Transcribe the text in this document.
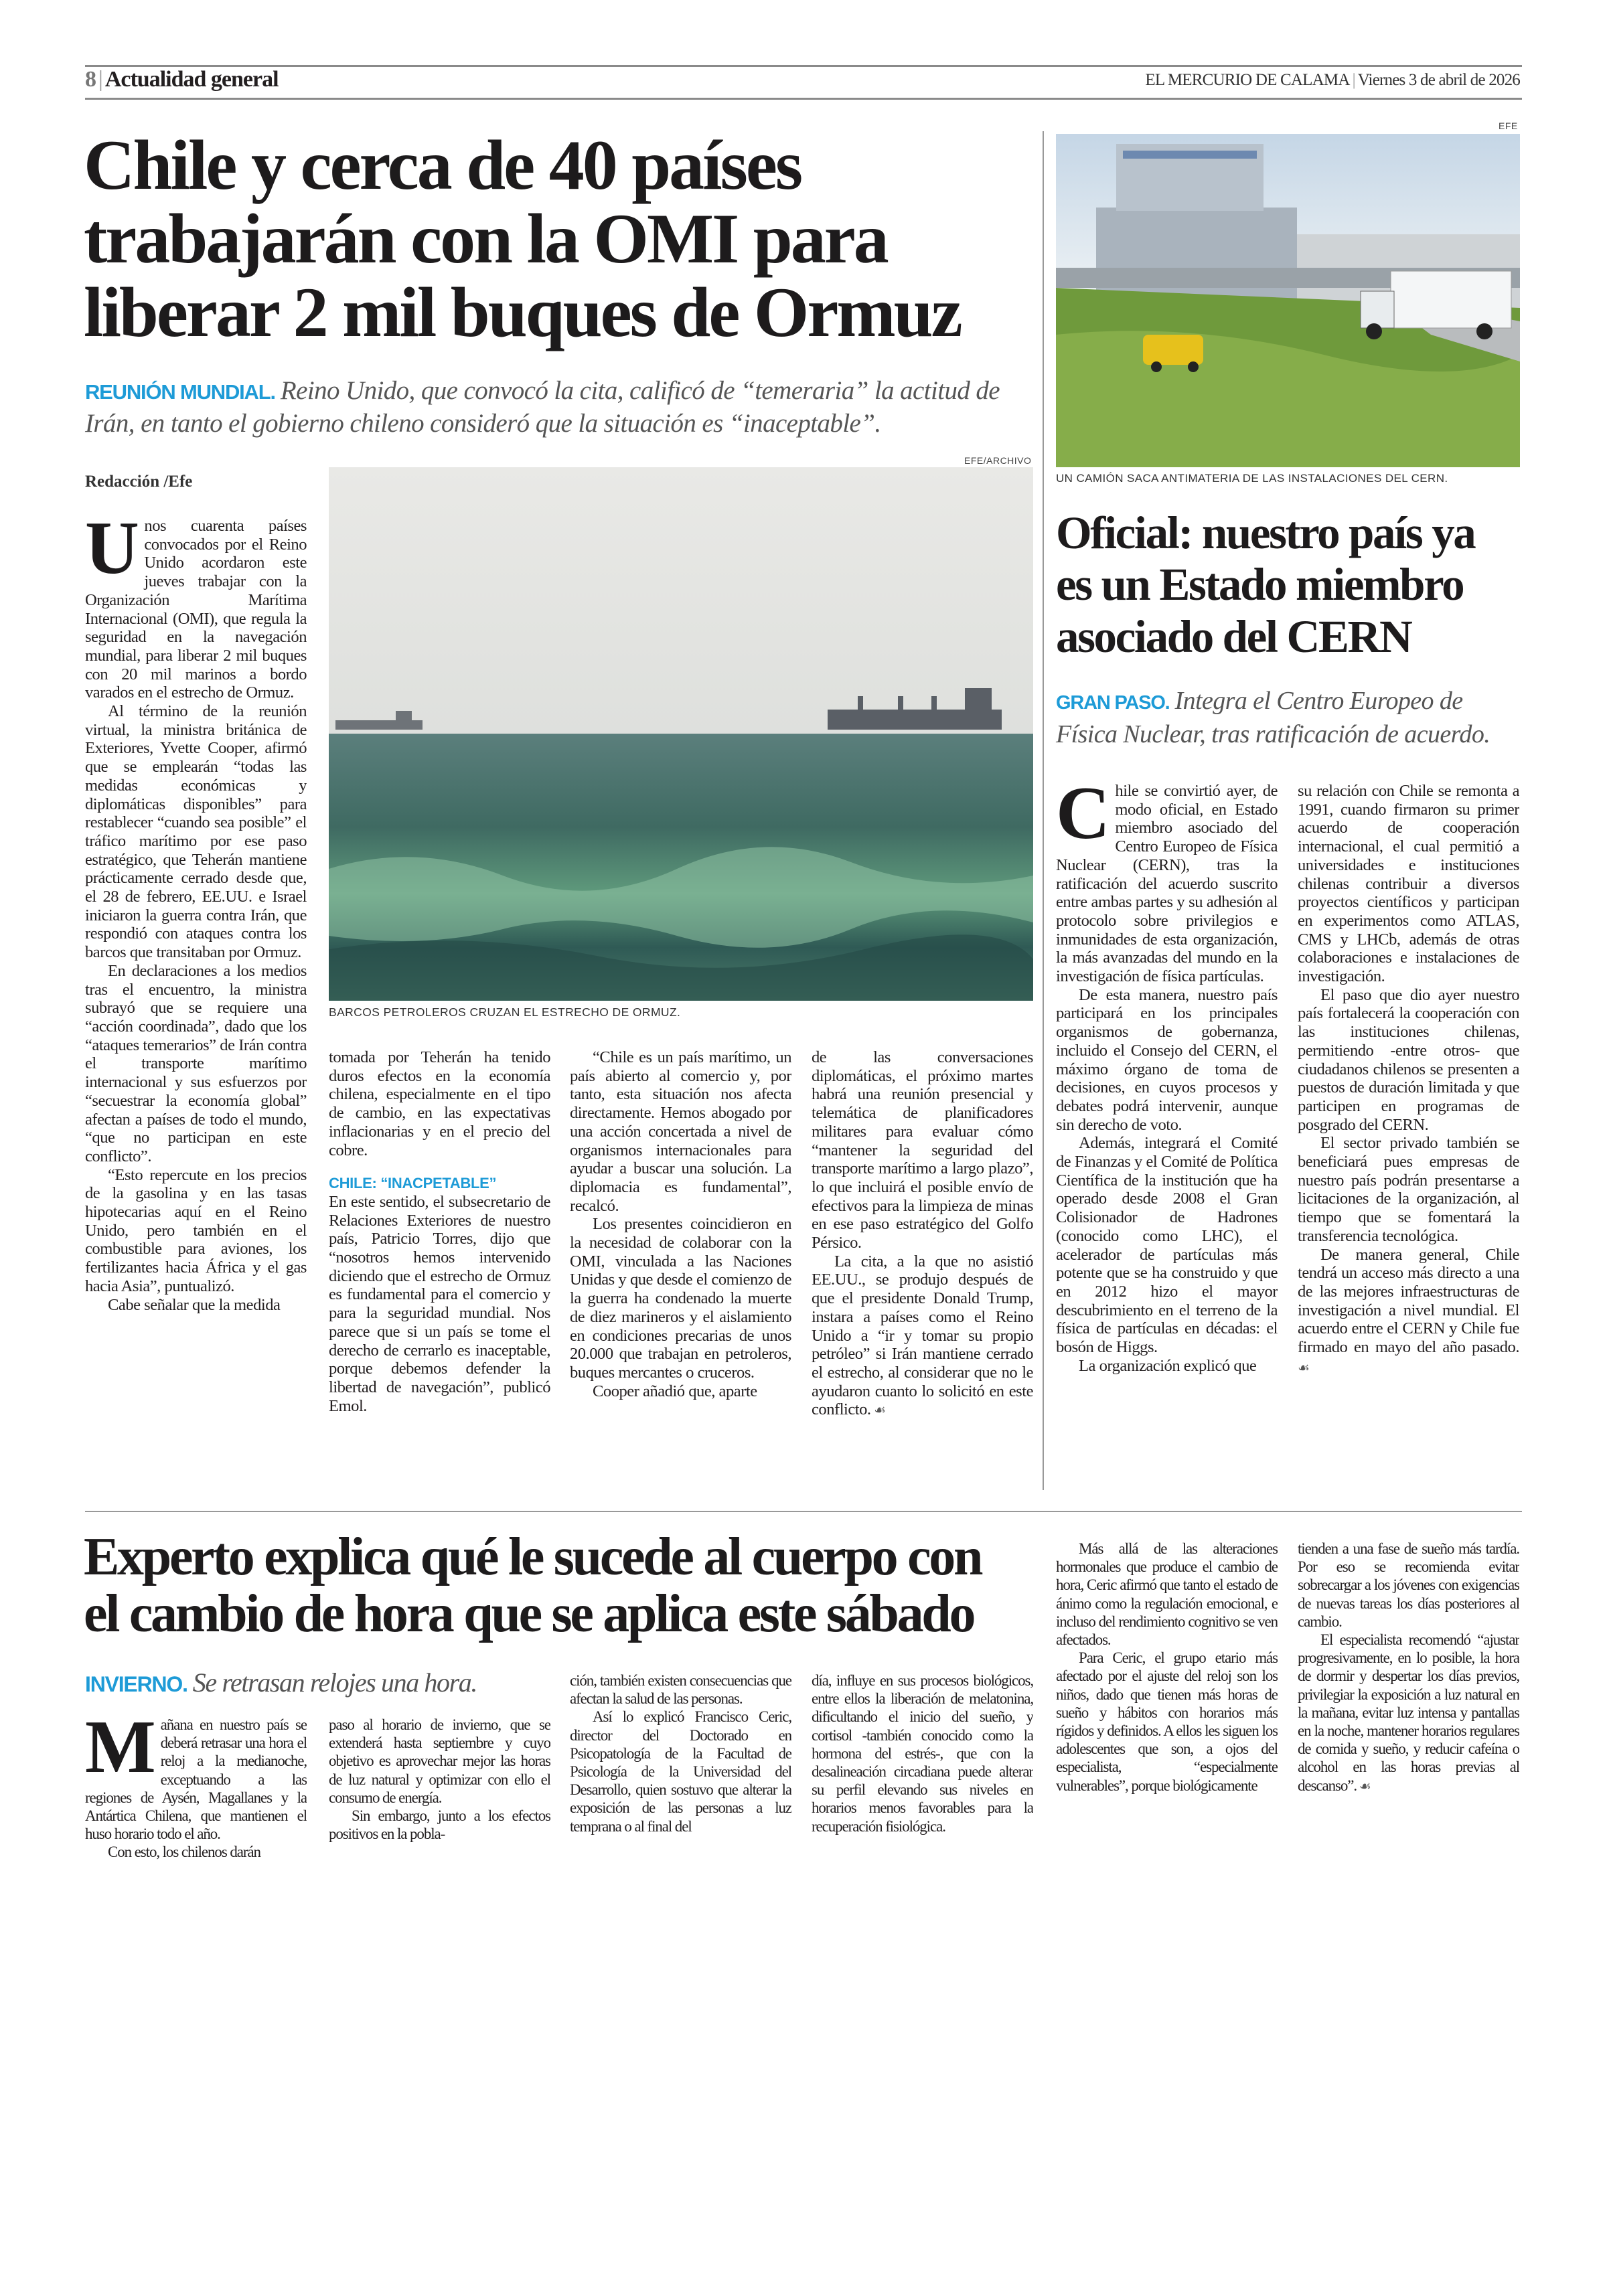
8 | Actualidad general	EL MERCURIO DE CALAMA | Viernes 3 de abril de 2026
Chile y cerca de 40 países
trabajarán con la OMI para
liberar 2 mil buques de Ormuz
REUNIÓN MUNDIAL. Reino Unido, que convocó la cita, calificó de “temeraria” la actitud de Irán, en tanto el gobierno chileno consideró que la situación es “inaceptable”.
Redacción /Efe
EFE/ARCHIVO
BARCOS PETROLEROS CRUZAN EL ESTRECHO DE ORMUZ.

Unos cuarenta países convocados por el Reino Unido acordaron este jueves trabajar con la Organización Marítima Internacional (OMI), que regula la seguridad en la navegación mundial, para liberar 2 mil buques con 20 mil marinos a bordo varados en el estrecho de Ormuz.

Al término de la reunión virtual, la ministra británica de Exteriores, Yvette Cooper, afirmó que se emplearán “todas las medidas económicas y diplomáticas disponibles” para restablecer “cuando sea posible” el tráfico marítimo por ese paso estratégico, que Teherán mantiene prácticamente cerrado desde que, el 28 de febrero, EE.UU. e Israel iniciaron la guerra contra Irán, que respondió con ataques contra los barcos que transitaban por Ormuz.

En declaraciones a los medios tras el encuentro, la ministra subrayó que se requiere una “acción coordinada”, dado que los “ataques temerarios” de Irán contra el transporte marítimo internacional y sus esfuerzos por “secuestrar la economía global” afectan a países de todo el mundo, “que no participan en este conflicto”.

“Esto repercute en los precios de la gasolina y en las tasas hipotecarias aquí en el Reino Unido, pero también en el combustible para aviones, los fertilizantes hacia África y el gas hacia Asia”, puntualizó.

Cabe señalar que la medida

tomada por Teherán ha tenido duros efectos en la economía chilena, especialmente en el tipo de cambio, en las expectativas inflacionarias y en el precio del cobre.

CHILE: “INACPETABLE”

En este sentido, el subsecretario de Relaciones Exteriores de nuestro país, Patricio Torres, dijo que “nosotros hemos intervenido diciendo que el estrecho de Ormuz es fundamental para el comercio y para la seguridad mundial. Nos parece que si un país se tome el derecho de cerrarlo es inaceptable, porque debemos defender la libertad de navegación”, publicó Emol.

“Chile es un país marítimo, un país abierto al comercio y, por tanto, esta situación nos afecta directamente. Hemos abogado por una acción concertada a nivel de organismos internacionales para ayudar a buscar una solución. La diplomacia es fundamental”, recalcó.

Los presentes coincidieron en la necesidad de colaborar con la OMI, vinculada a las Naciones Unidas y que desde el comienzo de la guerra ha condenado la muerte de diez marineros y el aislamiento en condiciones precarias de unos 20.000 que trabajan en petroleros, buques mercantes o cruceros.

Cooper añadió que, aparte

de las conversaciones diplomáticas, el próximo martes habrá una reunión presencial y telemática de planificadores militares para evaluar cómo “mantener la seguridad del transporte marítimo a largo plazo”, lo que incluirá el posible envío de efectivos para la limpieza de minas en ese paso estratégico del Golfo Pérsico.

La cita, a la que no asistió EE.UU., se produjo después de que el presidente Donald Trump, instara a países como el Reino Unido a “ir y tomar su propio petróleo” si Irán mantiene cerrado el estrecho, al considerar que no le ayudaron cuanto lo solicitó en este conflicto. ☙

EFE
UN CAMIÓN SACA ANTIMATERIA DE LAS INSTALACIONES DEL CERN.
Oficial: nuestro país ya
es un Estado miembro
asociado del CERN
GRAN PASO. Integra el Centro Europeo de Física Nuclear, tras ratificación de acuerdo.

Chile se convirtió ayer, de modo oficial, en Estado miembro asociado del Centro Europeo de Física Nuclear (CERN), tras la ratificación del acuerdo suscrito entre ambas partes y su adhesión al protocolo sobre privilegios e inmunidades de esta organización, la más avanzadas del mundo en la investigación de física partículas.

De esta manera, nuestro país participará en los principales organismos de gobernanza, incluido el Consejo del CERN, el máximo órgano de toma de decisiones, en cuyos procesos y debates podrá intervenir, aunque sin derecho de voto.

Además, integrará el Comité de Finanzas y el Comité de Política Científica de la institución que ha operado desde 2008 el Gran Colisionador de Hadrones (conocido como LHC), el acelerador de partículas más potente que se ha construido y que en 2012 hizo el mayor descubrimiento en el terreno de la física de partículas en décadas: el bosón de Higgs.

La organización explicó que

su relación con Chile se remonta a 1991, cuando firmaron su primer acuerdo de cooperación internacional, el cual permitió a universidades e instituciones chilenas contribuir a diversos proyectos científicos y participan en experimentos como ATLAS, CMS y LHCb, además de otras colaboraciones e instalaciones de investigación.

El paso que dio ayer nuestro país fortalecerá la cooperación con las instituciones chilenas, permitiendo -entre otros- que ciudadanos chilenos se presenten a puestos de duración limitada y que participen en programas de posgrado del CERN.

El sector privado también se beneficiará pues empresas de nuestro país podrán presentarse a licitaciones de la organización, al tiempo que se fomentará la transferencia tecnológica.

De manera general, Chile tendrá un acceso más directo a una de las mejores infraestructuras de investigación a nivel mundial. El acuerdo entre el CERN y Chile fue firmado en mayo del año pasado. ☙

Experto explica qué le sucede al cuerpo con
el cambio de hora que se aplica este sábado
INVIERNO. Se retrasan relojes una hora.

Mañana en nuestro país se deberá retrasar una hora el reloj a la medianoche, exceptuando a las regiones de Aysén, Magallanes y la Antártica Chilena, que mantienen el huso horario todo el año.

Con esto, los chilenos darán

paso al horario de invierno, que se extenderá hasta septiembre y cuyo objetivo es aprovechar mejor las horas de luz natural y optimizar con ello el consumo de energía.

Sin embargo, junto a los efectos positivos en la pobla-

ción, también existen consecuencias que afectan la salud de las personas.

Así lo explicó Francisco Ceric, director del Doctorado en Psicopatología de la Facultad de Psicología de la Universidad del Desarrollo, quien sostuvo que alterar la exposición de las personas a luz temprana o al final del

día, influye en sus procesos biológicos, entre ellos la liberación de melatonina, dificultando el inicio del sueño, y cortisol -también conocido como la hormona del estrés-, que con la desalineación circadiana puede alterar su perfil elevando sus niveles en horarios menos favorables para la recuperación fisiológica.

Más allá de las alteraciones hormonales que produce el cambio de hora, Ceric afirmó que tanto el estado de ánimo como la regulación emocional, e incluso del rendimiento cognitivo se ven afectados.

Para Ceric, el grupo etario más afectado por el ajuste del reloj son los niños, dado que tienen más horas de sueño y hábitos con horarios más rígidos y definidos. A ellos les siguen los adolescentes que son, a ojos del especialista, “especialmente vulnerables”, porque biológicamente

tienden a una fase de sueño más tardía. Por eso se recomienda evitar sobrecargar a los jóvenes con exigencias de nuevas tareas los días posteriores al cambio.

El especialista recomendó “ajustar progresivamente, en lo posible, la hora de dormir y despertar los días previos, privilegiar la exposición a luz natural en la mañana, evitar luz intensa y pantallas en la noche, mantener horarios regulares de comida y sueño, y reducir cafeína o alcohol en las horas previas al descanso”. ☙
